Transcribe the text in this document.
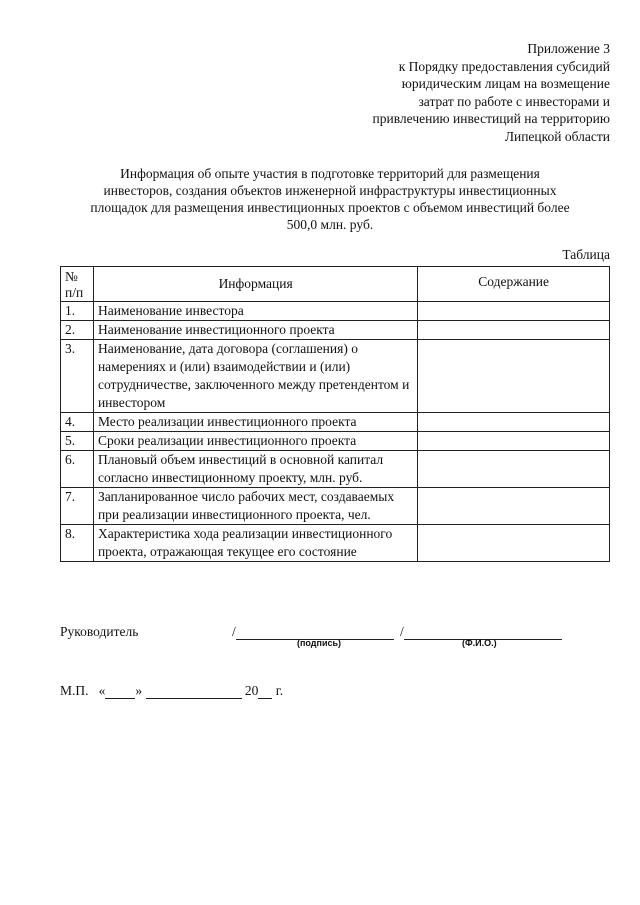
Приложение 3
к Порядку предоставления субсидий
юридическим лицам на возмещение
затрат по работе с инвесторами и
привлечению инвестиций на территорию
Липецкой области
Информация об опыте участия в подготовке территорий для размещения
инвесторов, создания объектов инженерной инфраструктуры инвестиционных
площадок для размещения инвестиционных проектов с объемом инвестиций более
500,0 млн. руб.
Таблица
№
п/п	Информация	Содержание
1.	Наименование инвестора	
2.	Наименование инвестиционного проекта	
3.	Наименование, дата договора (соглашения) о намерениях и (или) взаимодействии и (или) сотрудничестве, заключенного между претендентом и инвестором	
4.	Место реализации инвестиционного проекта	
5.	Сроки реализации инвестиционного проекта	
6.	Плановый объем инвестиций в основной капитал согласно инвестиционному проекту, млн. руб.	
7.	Запланированное число рабочих мест, создаваемых при реализации инвестиционного проекта, чел.	
8.	Характеристика хода реализации инвестиционного проекта, отражающая текущее его состояние	
Руководитель	/	/
(подпись)	(Ф.И.О.)
М.П. « »	20 г.
